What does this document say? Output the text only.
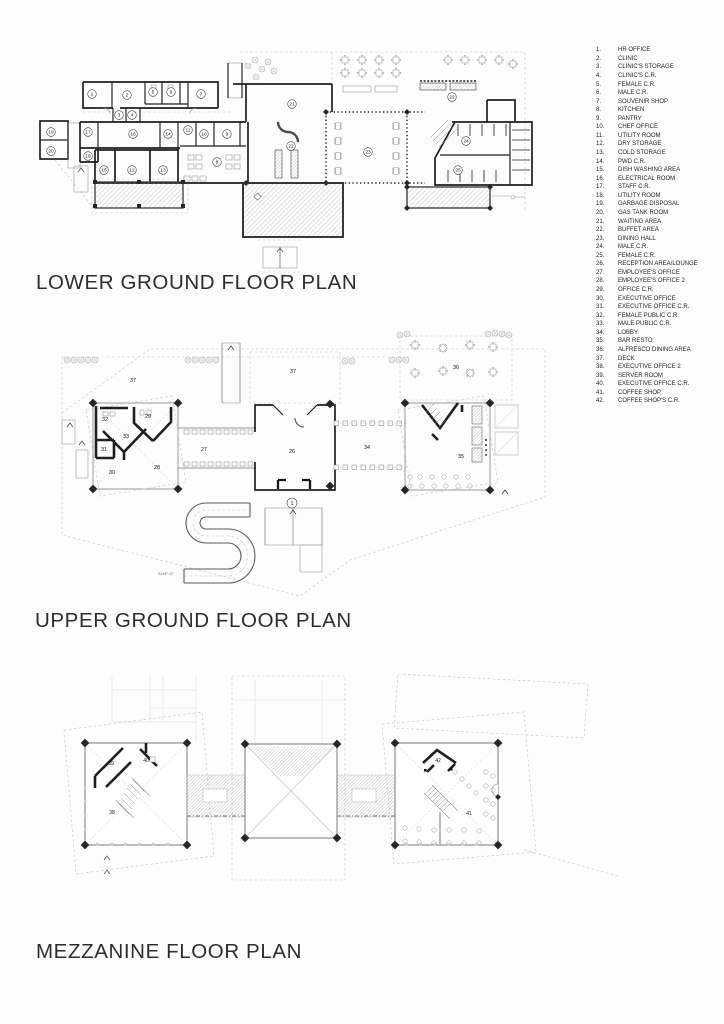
1	2
5	6
3 4
7
19
20
17
18
16	14
11
10	9
8
15	12	13
21
22
23
22
24
25
RAMP UP
37
32	29
33
31
30
28
27
37
26
34
36
35
1
39	40
38
42
41
LOWER GROUND FLOOR PLAN
UPPER GROUND FLOOR PLAN
MEZZANINE FLOOR PLAN
1.	HR OFFICE
2.	CLINIC
3.	CLINIC'S STORAGE
4.	CLINIC'S C.R.
5.	FEMALE C.R.
6.	MALE C.R.
7.	SOUVENIR SHOP
8.	KITCHEN
9.	PANTRY
10.	CHEF OFFICE
11.	UTILITY ROOM
12.	DRY STORAGE
13.	COLD STORAGE
14.	PWD C.R.
15.	DISH WASHING AREA
16.	ELECTRICAL ROOM
17.	STAFF C.R.
18.	UTILITY ROOM
19.	GARBAGE DISPOSAL
20.	GAS TANK ROOM
21.	WAITING AREA
22.	BUFFET AREA
23.	DINING HALL
24.	MALE C.R.
25.	FEMALE C.R.
26.	RECEPTION AREA/LOUNGE
27.	EMPLOYEE'S OFFICE
28.	EMPLOYEE'S OFFICE 2
29.	OFFICE C.R.
30.	EXECUTIVE OFFICE
31.	EXECUTIVE OFFICE C.R.
32.	FEMALE PUBLIC C.R.
33.	MALE PUBLIC C.R.
34.	LOBBY
35.	BAR RESTO
36.	ALFRESCO DINING AREA
37.	DECK
38.	EXECUTIVE OFFICE 2
39.	SERVER ROOM
40.	EXECUTIVE OFFICE C.R.
41.	COFFEE SHOP
42.	COFFEE SHOP'S C.R.
